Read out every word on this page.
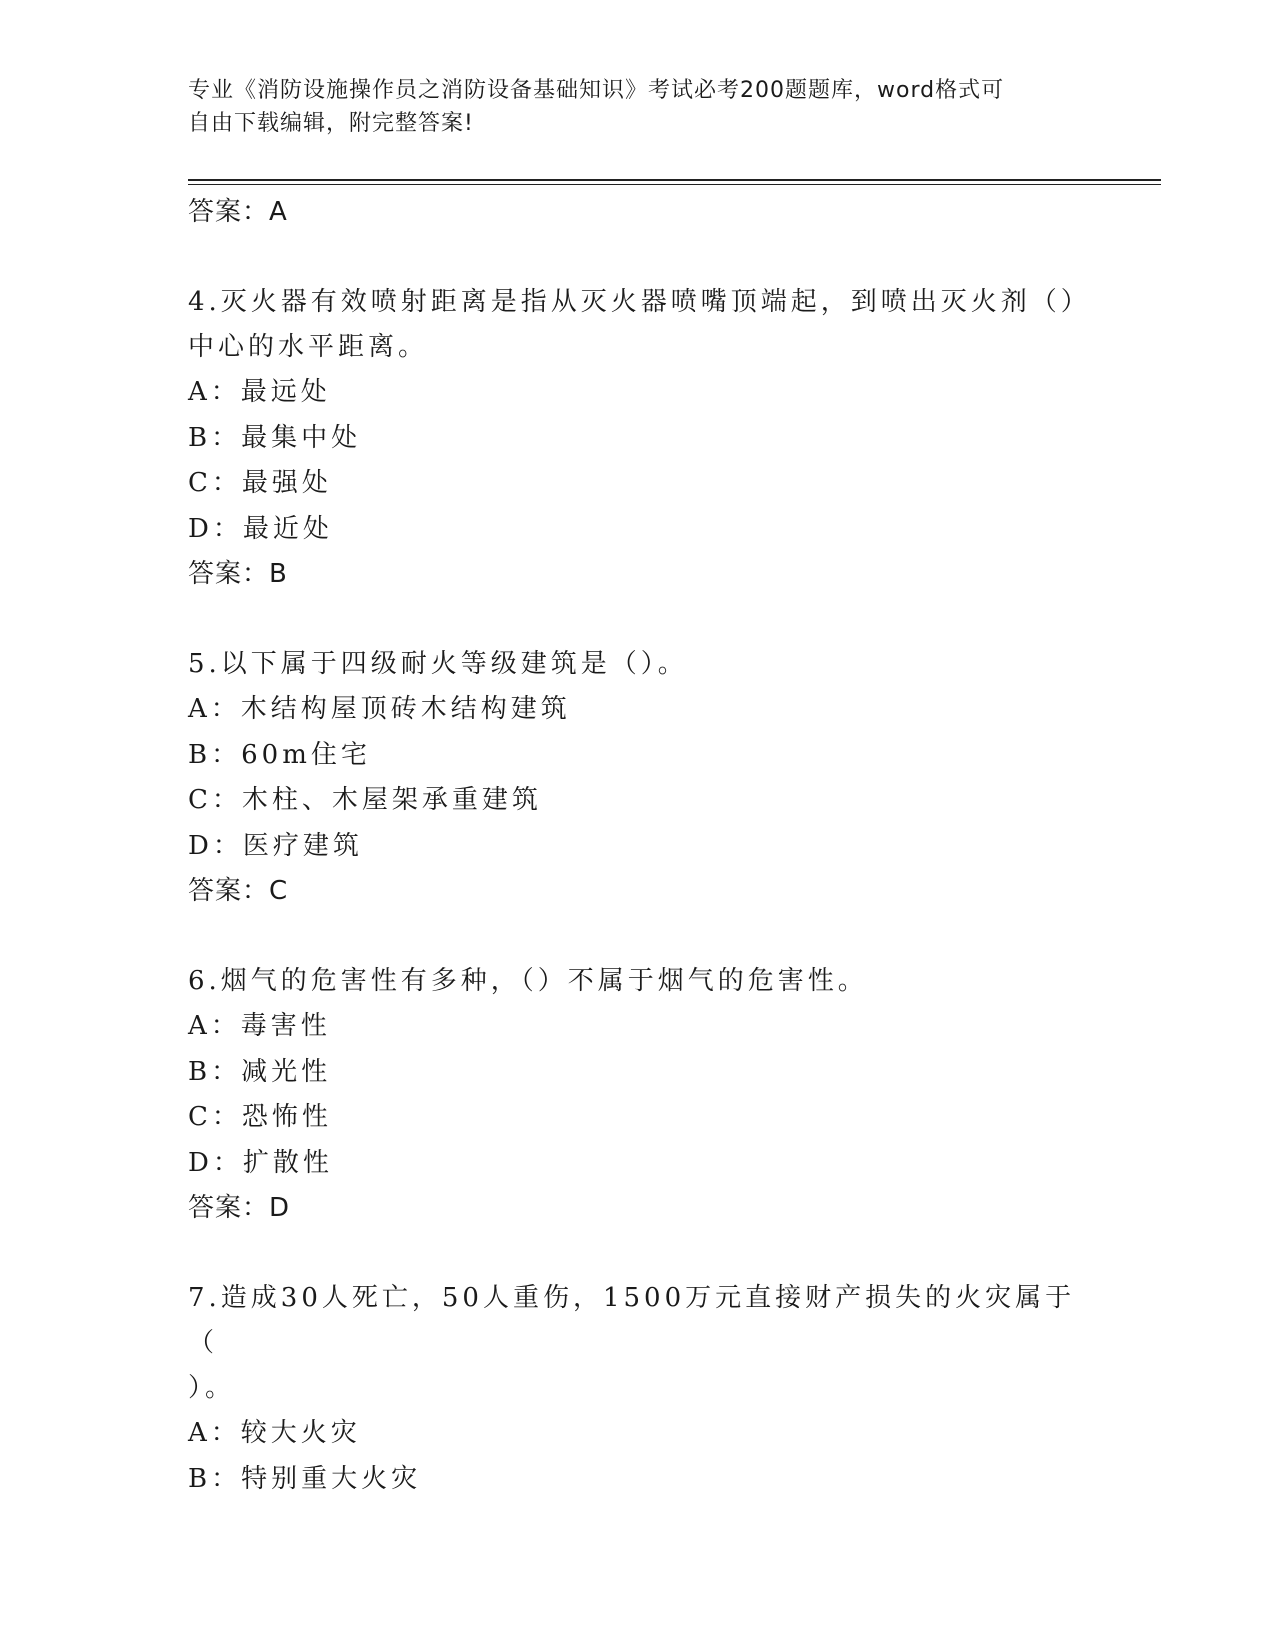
专业《消防设施操作员之消防设备基础知识》考试必考200题题库，word格式可
自由下载编辑，附完整答案!
答案：A
4.灭火器有效喷射距离是指从灭火器喷嘴顶端起，到喷出灭火剂（）
中心的水平距离。
A：最远处
B：最集中处
C：最强处
D：最近处
答案：B
5.以下属于四级耐火等级建筑是（）。
A：木结构屋顶砖木结构建筑
B：60m住宅
C：木柱、木屋架承重建筑
D：医疗建筑
答案：C
6.烟气的危害性有多种，（）不属于烟气的危害性。
A：毒害性
B：减光性
C：恐怖性
D：扩散性
答案：D
7.造成30人死亡，50人重伤，1500万元直接财产损失的火灾属于（
）。
A：较大火灾
B：特别重大火灾
